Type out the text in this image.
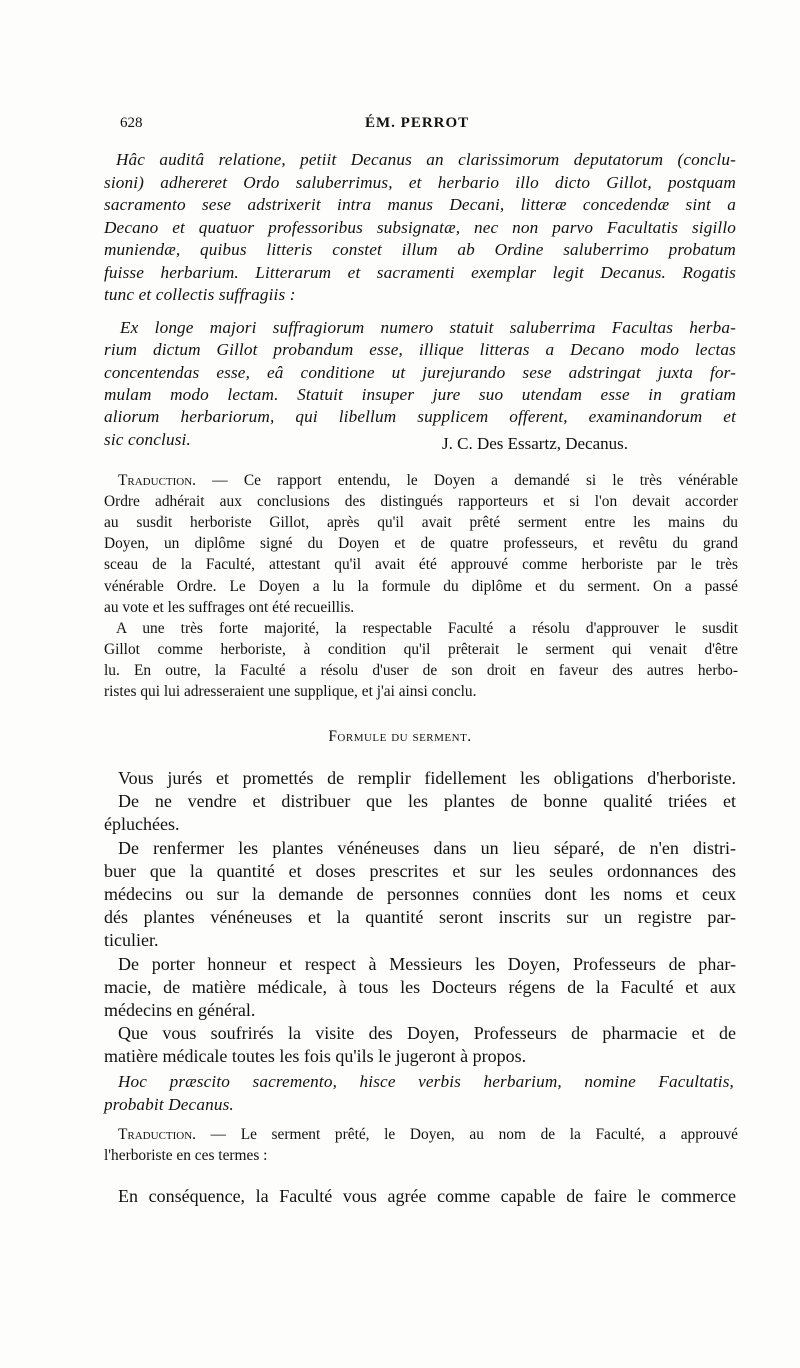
628	ÉM. PERROT
Hâc auditâ relatione, petiit Decanus an clarissimorum deputatorum (conclu-
sioni) adhereret Ordo saluberrimus, et herbario illo dicto Gillot, postquam
sacramento sese adstrixerit intra manus Decani, litteræ concedendæ sint a
Decano et quatuor professoribus subsignatæ, nec non parvo Facultatis sigillo
muniendæ, quibus litteris constet illum ab Ordine saluberrimo probatum
fuisse herbarium. Litterarum et sacramenti exemplar legit Decanus. Rogatis
tunc et collectis suffragiis :
Ex longe majori suffragiorum numero statuit saluberrima Facultas herba-
rium dictum Gillot probandum esse, illique litteras a Decano modo lectas
concentendas esse, eâ conditione ut jurejurando sese adstringat juxta for-
mulam modo lectam. Statuit insuper jure suo utendam esse in gratiam
aliorum herbariorum, qui libellum supplicem offerent, examinandorum et
sic conclusi.	J. C. Des Essartz, Decanus.
Traduction. — Ce rapport entendu, le Doyen a demandé si le très vénérable
Ordre adhérait aux conclusions des distingués rapporteurs et si l'on devait accorder
au susdit herboriste Gillot, après qu'il avait prêté serment entre les mains du
Doyen, un diplôme signé du Doyen et de quatre professeurs, et revêtu du grand
sceau de la Faculté, attestant qu'il avait été approuvé comme herboriste par le très
vénérable Ordre. Le Doyen a lu la formule du diplôme et du serment. On a passé
au vote et les suffrages ont été recueillis.
A une très forte majorité, la respectable Faculté a résolu d'approuver le susdit
Gillot comme herboriste, à condition qu'il prêterait le serment qui venait d'être
lu. En outre, la Faculté a résolu d'user de son droit en faveur des autres herbo-
ristes qui lui adresseraient une supplique, et j'ai ainsi conclu.
Formule du serment.
Vous jurés et promettés de remplir fidellement les obligations d'herboriste.
De ne vendre et distribuer que les plantes de bonne qualité triées et
épluchées.
De renfermer les plantes vénéneuses dans un lieu séparé, de n'en distri-
buer que la quantité et doses prescrites et sur les seules ordonnances des
médecins ou sur la demande de personnes connües dont les noms et ceux
dés plantes vénéneuses et la quantité seront inscrits sur un registre par-
ticulier.
De porter honneur et respect à Messieurs les Doyen, Professeurs de phar-
macie, de matière médicale, à tous les Docteurs régens de la Faculté et aux
médecins en général.
Que vous soufrirés la visite des Doyen, Professeurs de pharmacie et de
matière médicale toutes les fois qu'ils le jugeront à propos.
Hoc præscito sacremento, hisce verbis herbarium, nomine Facultatis,
probabit Decanus.
Traduction. — Le serment prêté, le Doyen, au nom de la Faculté, a approuvé
l'herboriste en ces termes :
En conséquence, la Faculté vous agrée comme capable de faire le commerce
